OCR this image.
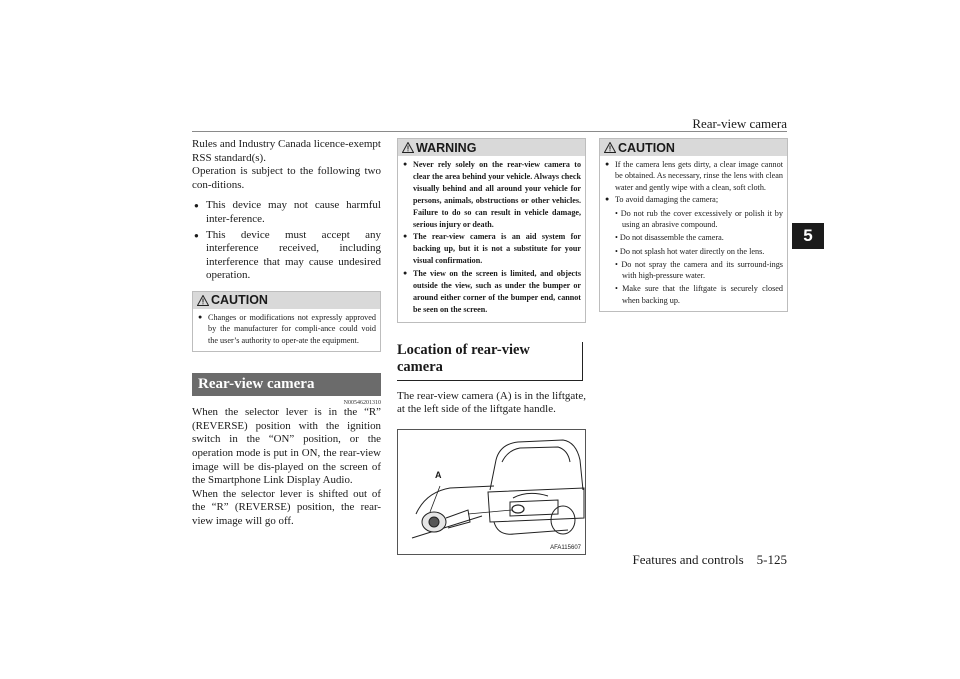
Rear-view camera
5

Rules and Industry Canada licence-exempt RSS standard(s).
Operation is subject to the following two con-ditions.

● This device may not cause harmful inter-ference.
● This device must accept any interference received, including interference that may cause undesired operation.
CAUTION
● Changes or modifications not expressly approved by the manufacturer for compli-ance could void the user’s authority to oper-ate the equipment.
Rear-view camera
N00546201310

When the selector lever is in the “R” (REVERSE) position with the ignition switch in the “ON” position, or the operation mode is put in ON, the rear-view image will be dis-played on the screen of the Smartphone Link Display Audio.
When the selector lever is shifted out of the “R” (REVERSE) position, the rear-view image will go off.

WARNING
● Never rely solely on the rear-view camera to clear the area behind your vehicle. Always check visually behind and all around your vehicle for persons, animals, obstructions or other vehicles. Failure to do so can result in vehicle damage, serious injury or death.
● The rear-view camera is an aid system for backing up, but it is not a substitute for your visual confirmation.
● The view on the screen is limited, and objects outside the view, such as under the bumper or around either corner of the bumper end, cannot be seen on the screen.
Location of rear-view camera

The rear-view camera (A) is in the liftgate, at the left side of the liftgate handle.

A
AFA115607
CAUTION
● If the camera lens gets dirty, a clear image cannot be obtained. As necessary, rinse the lens with clean water and gently wipe with a clean, soft cloth.
● To avoid damaging the camera;
• Do not rub the cover excessively or polish it by using an abrasive compound.
• Do not disassemble the camera.
• Do not splash hot water directly on the lens.
• Do not spray the camera and its surround-ings with high-pressure water.
• Make sure that the liftgate is securely closed when backing up.
Features and controls    5-125
